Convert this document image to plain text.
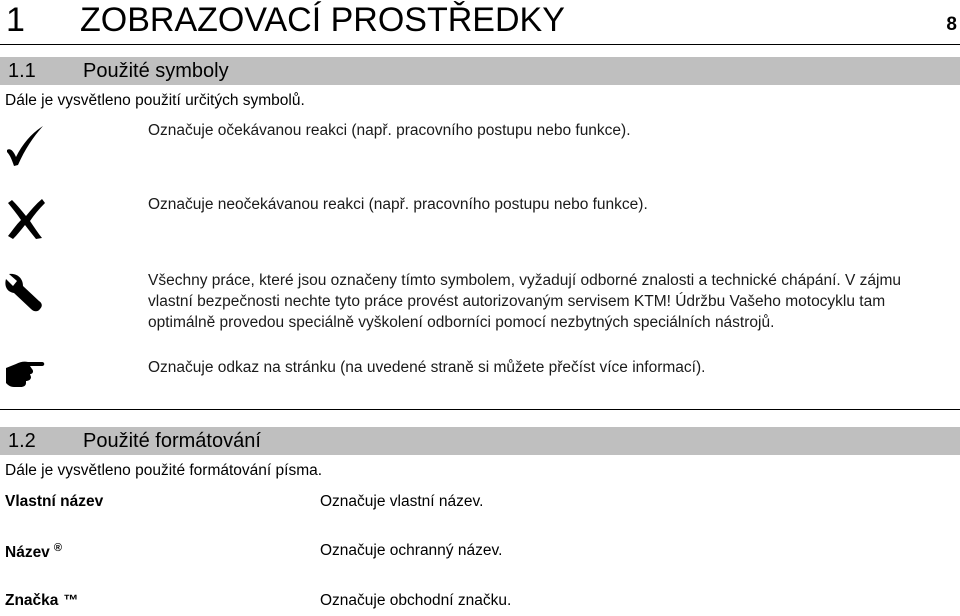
1 ZOBRAZOVACÍ PROSTŘEDKY	8
1.1 Použité symboly
Dále je vysvětleno použití určitých symbolů.
Označuje očekávanou reakci (např. pracovního postupu nebo funkce).
Označuje neočekávanou reakci (např. pracovního postupu nebo funkce).
Všechny práce, které jsou označeny tímto symbolem, vyžadují odborné znalosti a technické chápání. V zájmu vlastní bezpečnosti nechte tyto práce provést autorizovaným servisem KTM! Údržbu Vašeho motocyklu tam optimálně provedou speciálně vyškolení odborníci pomocí nezbytných speciálních nástrojů.
Označuje odkaz na stránku (na uvedené straně si můžete přečíst více informací).
1.2 Použité formátování
Dále je vysvětleno použité formátování písma.
Vlastní název	Označuje vlastní název.
Název ®	Označuje ochranný název.
Značka ™	Označuje obchodní značku.
